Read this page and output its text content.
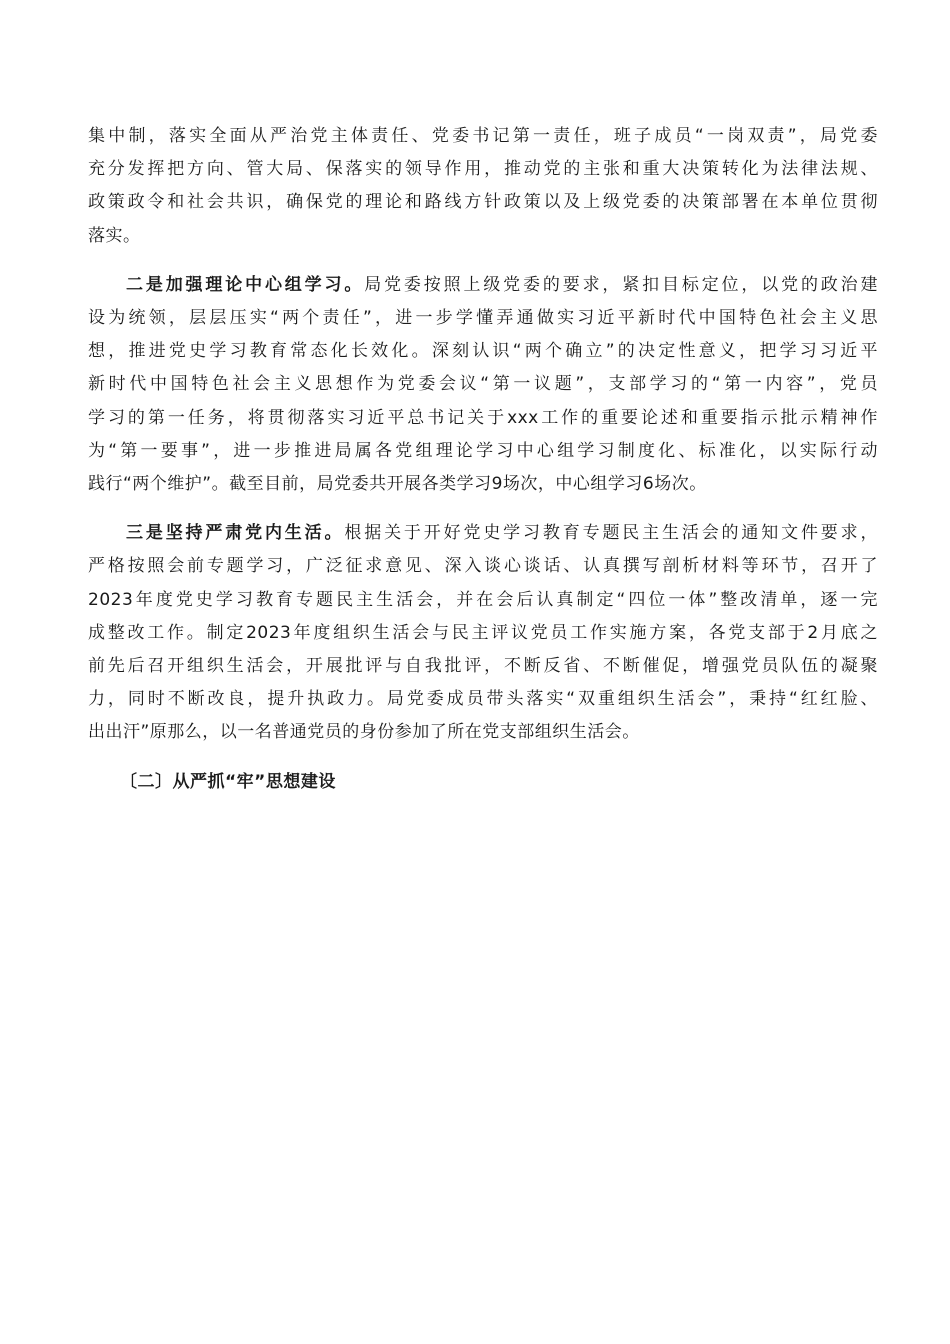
集中制，落实全面从严治党主体责任、党委书记第一责任，班子成员“一岗双责”，局党委
充分发挥把方向、管大局、保落实的领导作用，推动党的主张和重大决策转化为法律法规、
政策政令和社会共识，确保党的理论和路线方针政策以及上级党委的决策部署在本单位贯彻
落实。
二是加强理论中心组学习。局党委按照上级党委的要求，紧扣目标定位，以党的政治建
设为统领，层层压实“两个责任”，进一步学懂弄通做实习近平新时代中国特色社会主义思
想，推进党史学习教育常态化长效化。深刻认识“两个确立”的决定性意义，把学习习近平
新时代中国特色社会主义思想作为党委会议“第一议题”，支部学习的“第一内容”，党员
学习的第一任务，将贯彻落实习近平总书记关于xxx工作的重要论述和重要指示批示精神作
为“第一要事”，进一步推进局属各党组理论学习中心组学习制度化、标准化，以实际行动
践行“两个维护”。截至目前，局党委共开展各类学习9场次，中心组学习6场次。
三是坚持严肃党内生活。根据关于开好党史学习教育专题民主生活会的通知文件要求，
严格按照会前专题学习，广泛征求意见、深入谈心谈话、认真撰写剖析材料等环节，召开了
2023年度党史学习教育专题民主生活会，并在会后认真制定“四位一体”整改清单，逐一完
成整改工作。制定2023年度组织生活会与民主评议党员工作实施方案，各党支部于2月底之
前先后召开组织生活会，开展批评与自我批评，不断反省、不断催促，增强党员队伍的凝聚
力，同时不断改良，提升执政力。局党委成员带头落实“双重组织生活会”，秉持“红红脸、
出出汗”原那么，以一名普通党员的身份参加了所在党支部组织生活会。
〔二〕从严抓“牢”思想建设
